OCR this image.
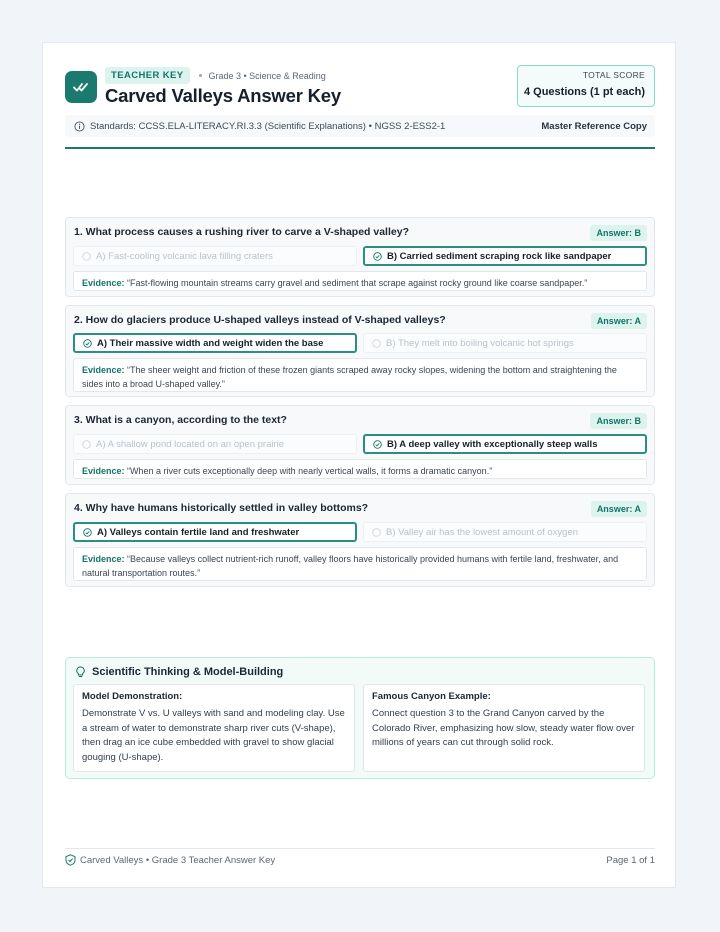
TEACHER KEY	Grade 3 • Science & Reading
Carved Valleys Answer Key
TOTAL SCORE
4 Questions (1 pt each)
Standards: CCSS.ELA-LITERACY.RI.3.3 (Scientific Explanations) • NGSS 2-ESS2-1	Master Reference Copy
1. What process causes a rushing river to carve a V-shaped valley?	Answer: B
A) Fast-cooling volcanic lava filling craters	B) Carried sediment scraping rock like sandpaper
Evidence: “Fast-flowing mountain streams carry gravel and sediment that scrape against rocky ground like coarse sandpaper.”
2. How do glaciers produce U-shaped valleys instead of V-shaped valleys?	Answer: A
A) Their massive width and weight widen the base	B) They melt into boiling volcanic hot springs
Evidence: “The sheer weight and friction of these frozen giants scraped away rocky slopes, widening the bottom and straightening the sides into a broad U-shaped valley.”
3. What is a canyon, according to the text?	Answer: B
A) A shallow pond located on an open prairie	B) A deep valley with exceptionally steep walls
Evidence: “When a river cuts exceptionally deep with nearly vertical walls, it forms a dramatic canyon.”
4. Why have humans historically settled in valley bottoms?	Answer: A
A) Valleys contain fertile land and freshwater	B) Valley air has the lowest amount of oxygen
Evidence: “Because valleys collect nutrient-rich runoff, valley floors have historically provided humans with fertile land, freshwater, and natural transportation routes.”
Scientific Thinking & Model-Building
Model Demonstration:
Demonstrate V vs. U valleys with sand and modeling clay. Use a stream of water to demonstrate sharp river cuts (V-shape), then drag an ice cube embedded with gravel to show glacial gouging (U-shape).
Famous Canyon Example:
Connect question 3 to the Grand Canyon carved by the Colorado River, emphasizing how slow, steady water flow over millions of years can cut through solid rock.
Carved Valleys • Grade 3 Teacher Answer Key	Page 1 of 1
